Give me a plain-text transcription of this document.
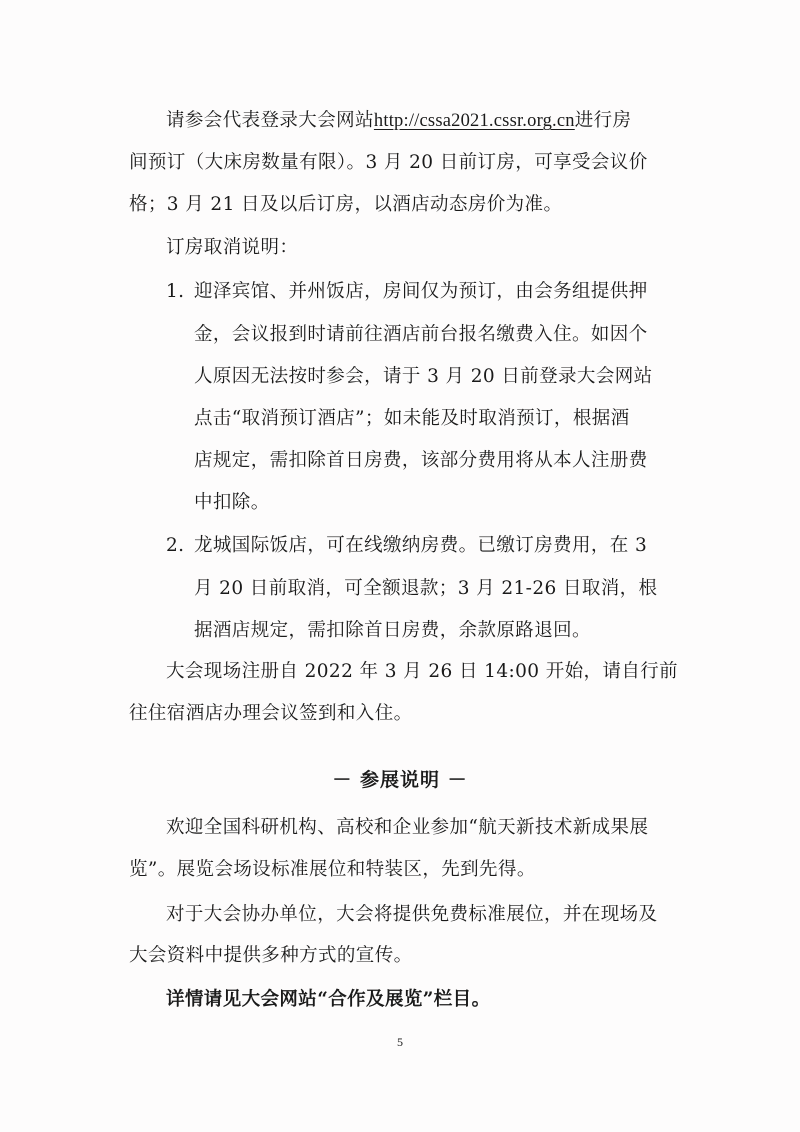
请参会代表登录大会网站http://cssa2021.cssr.org.cn进行房
间预订（大床房数量有限）。3 月 20 日前订房，可享受会议价
格；3 月 21 日及以后订房，以酒店动态房价为准。
订房取消说明：
1. 迎泽宾馆、并州饭店，房间仅为预订，由会务组提供押
金，会议报到时请前往酒店前台报名缴费入住。如因个
人原因无法按时参会，请于 3 月 20 日前登录大会网站
点击“取消预订酒店”；如未能及时取消预订，根据酒
店规定，需扣除首日房费，该部分费用将从本人注册费
中扣除。
2. 龙城国际饭店，可在线缴纳房费。已缴订房费用，在 3
月 20 日前取消，可全额退款；3 月 21-26 日取消，根
据酒店规定，需扣除首日房费，余款原路退回。
大会现场注册自 2022 年 3 月 26 日 14:00 开始，请自行前
往住宿酒店办理会议签到和入住。
－ 参展说明 －
欢迎全国科研机构、高校和企业参加“航天新技术新成果展
览”。展览会场设标准展位和特装区，先到先得。
对于大会协办单位，大会将提供免费标准展位，并在现场及
大会资料中提供多种方式的宣传。
详情请见大会网站“合作及展览”栏目。
5
